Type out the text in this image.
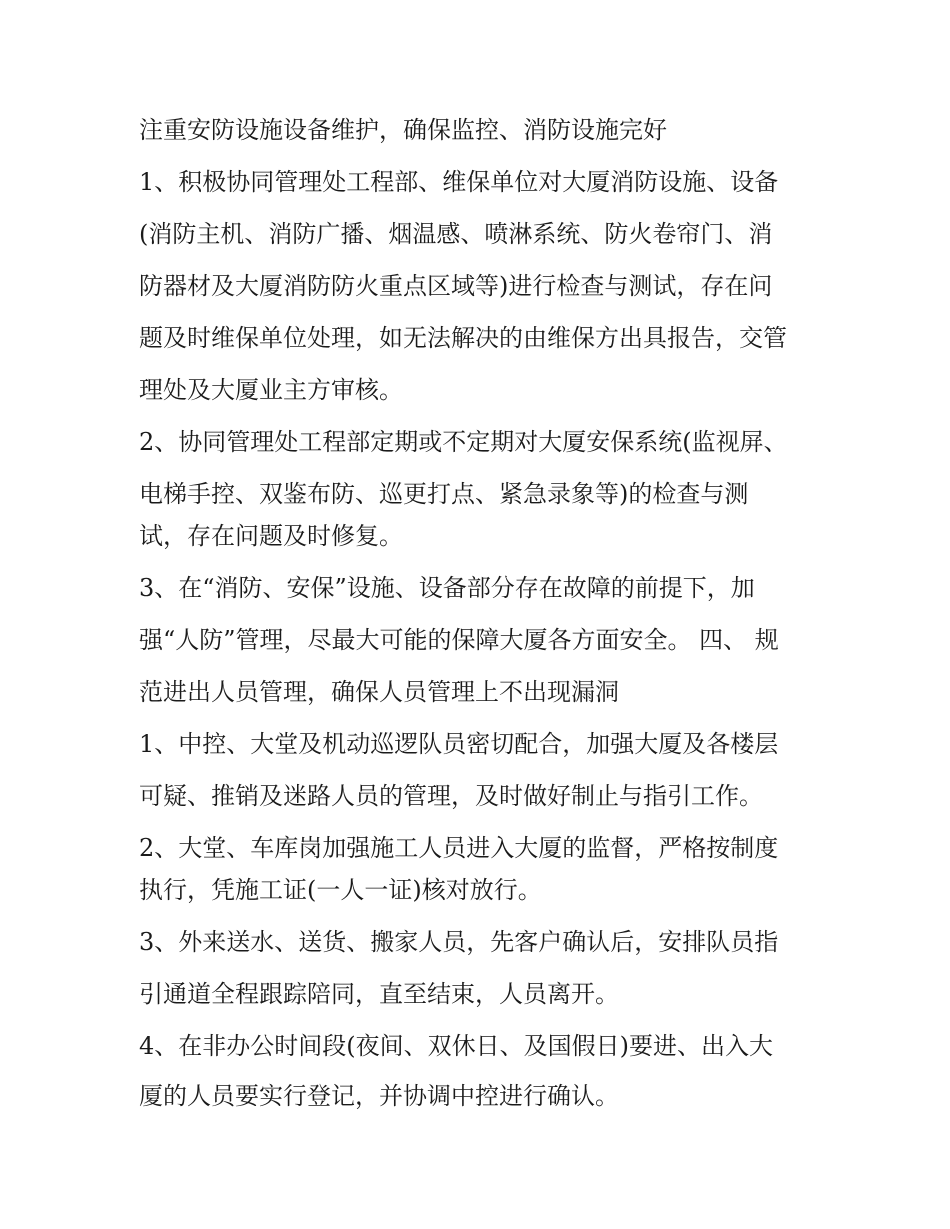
注重安防设施设备维护，确保监控、消防设施完好

1、积极协同管理处工程部、维保单位对大厦消防设施、设备

(消防主机、消防广播、烟温感、喷淋系统、防火卷帘门、消

防器材及大厦消防防火重点区域等)进行检查与测试，存在问

题及时维保单位处理，如无法解决的由维保方出具报告，交管

理处及大厦业主方审核。

2、协同管理处工程部定期或不定期对大厦安保系统(监视屏、

电梯手控、双鉴布防、巡更打点、紧急录象等)的检查与测

试，存在问题及时修复。

3、在“消防、安保”设施、设备部分存在故障的前提下，加

强“人防”管理，尽最大可能的保障大厦各方面安全。 四、 规

范进出人员管理，确保人员管理上不出现漏洞

1、中控、大堂及机动巡逻队员密切配合，加强大厦及各楼层

可疑、推销及迷路人员的管理，及时做好制止与指引工作。

2、大堂、车库岗加强施工人员进入大厦的监督，严格按制度

执行，凭施工证(一人一证)核对放行。

3、外来送水、送货、搬家人员，先客户确认后，安排队员指

引通道全程跟踪陪同，直至结束，人员离开。

4、在非办公时间段(夜间、双休日、及国假日)要进、出入大

厦的人员要实行登记，并协调中控进行确认。
